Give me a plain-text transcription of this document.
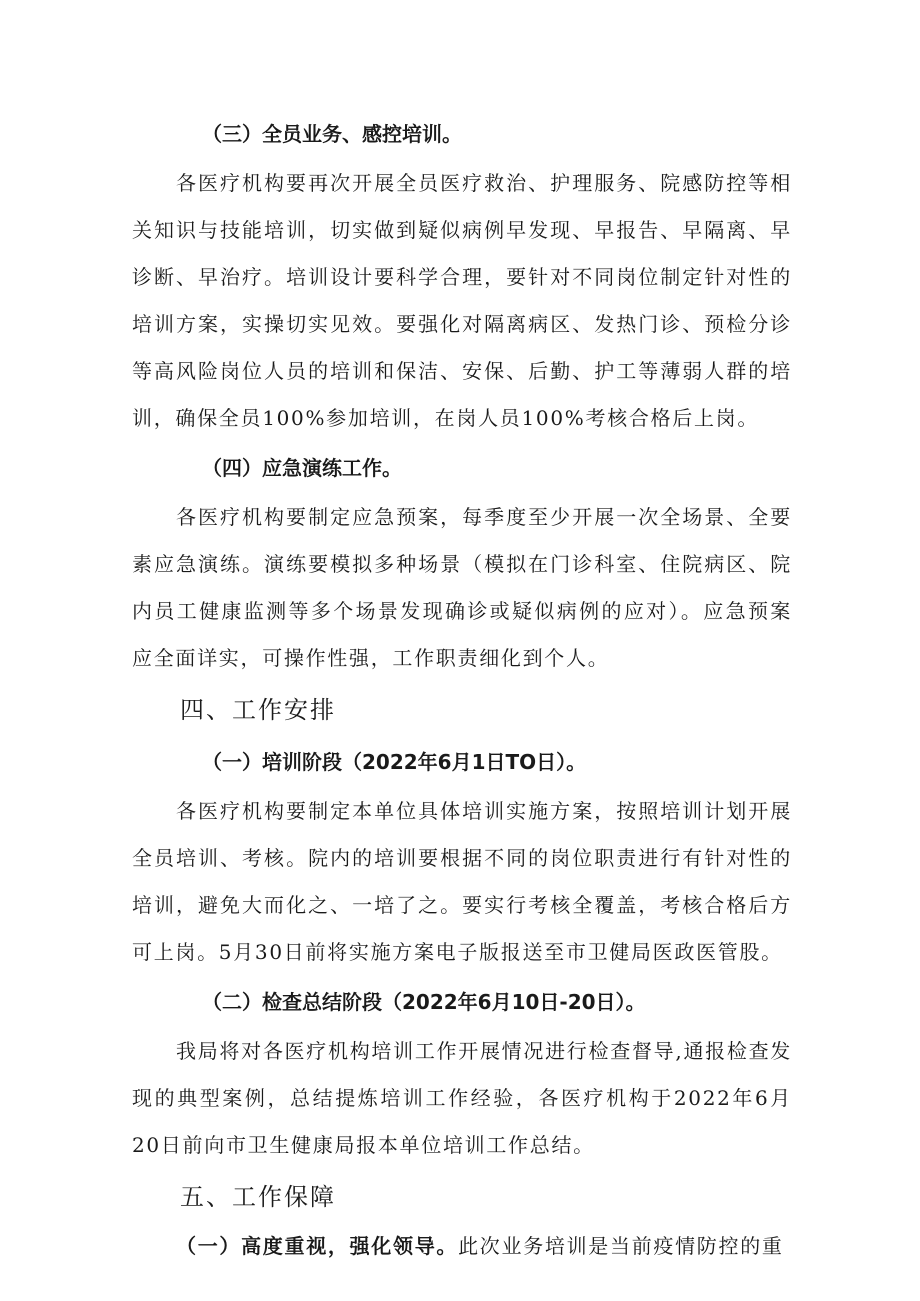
（三）全员业务、感控培训。

各医疗机构要再次开展全员医疗救治、护理服务、院感防控等相关知识与技能培训，切实做到疑似病例早发现、早报告、早隔离、早诊断、早治疗。培训设计要科学合理，要针对不同岗位制定针对性的培训方案，实操切实见效。要强化对隔离病区、发热门诊、预检分诊等高风险岗位人员的培训和保洁、安保、后勤、护工等薄弱人群的培训，确保全员100%参加培训，在岗人员100%考核合格后上岗。

（四）应急演练工作。

各医疗机构要制定应急预案，每季度至少开展一次全场景、全要素应急演练。演练要模拟多种场景（模拟在门诊科室、住院病区、院内员工健康监测等多个场景发现确诊或疑似病例的应对）。应急预案应全面详实，可操作性强，工作职责细化到个人。

四、工作安排

（一）培训阶段（2022年6月1日TO日）。

各医疗机构要制定本单位具体培训实施方案，按照培训计划开展全员培训、考核。院内的培训要根据不同的岗位职责进行有针对性的培训，避免大而化之、一培了之。要实行考核全覆盖，考核合格后方可上岗。5月30日前将实施方案电子版报送至市卫健局医政医管股。

（二）检查总结阶段（2022年6月10日-20日）。

我局将对各医疗机构培训工作开展情况进行检查督导,通报检查发现的典型案例，总结提炼培训工作经验，各医疗机构于2022年6月20日前向市卫生健康局报本单位培训工作总结。

五、工作保障

（一）高度重视，强化领导。此次业务培训是当前疫情防控的重
